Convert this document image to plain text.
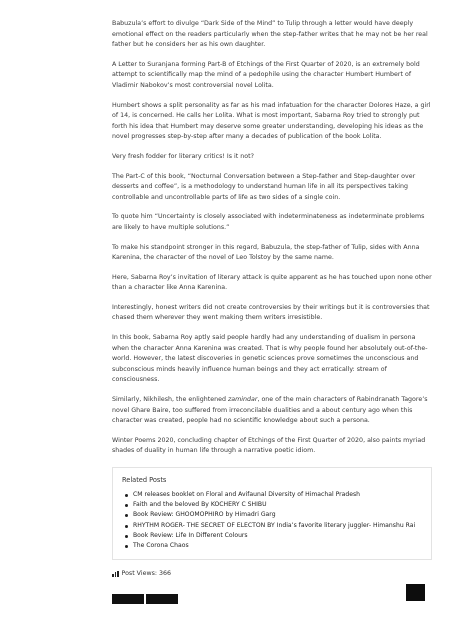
Babuzula’s effort to divulge “Dark Side of the Mind” to Tulip through a letter would have deeply emotional effect on the readers particularly when the step-father writes that he may not be her real father but he considers her as his own daughter.

A Letter to Suranjana forming Part-B of Etchings of the First Quarter of 2020, is an extremely bold attempt to scientifically map the mind of a pedophile using the character Humbert Humbert of Vladimir Nabokov’s most controversial novel Lolita.

Humbert shows a split personality as far as his mad infatuation for the character Dolores Haze, a girl of 14, is concerned. He calls her Lolita. What is most important, Sabarna Roy tried to strongly put forth his idea that Humbert may deserve some greater understanding, developing his ideas as the novel progresses step-by-step after many a decades of publication of the book Lolita.

Very fresh fodder for literary critics! Is it not?

The Part-C of this book, “Nocturnal Conversation between a Step-father and Step-daughter over desserts and coffee”, is a methodology to understand human life in all its perspectives taking controllable and uncontrollable parts of life as two sides of a single coin.

To quote him “Uncertainty is closely associated with indeterminateness as indeterminate problems are likely to have multiple solutions.”

To make his standpoint stronger in this regard, Babuzula, the step-father of Tulip, sides with Anna Karenina, the character of the novel of Leo Tolstoy by the same name.

Here, Sabarna Roy’s invitation of literary attack is quite apparent as he has touched upon none other than a character like Anna Karenina.

Interestingly, honest writers did not create controversies by their writings but it is controversies that chased them wherever they went making them writers irresistible.

In this book, Sabarna Roy aptly said people hardly had any understanding of dualism in persona when the character Anna Karenina was created. That is why people found her absolutely out-of-the-world. However, the latest discoveries in genetic sciences prove sometimes the unconscious and subconscious minds heavily influence human beings and they act erratically: stream of consciousness.

Similarly, Nikhilesh, the enlightened zamindar, one of the main characters of Rabindranath Tagore’s novel Ghare Baire, too suffered from irreconcilable dualities and a about century ago when this character was created, people had no scientific knowledge about such a persona.

Winter Poems 2020, concluding chapter of Etchings of the First Quarter of 2020, also paints myriad shades of duality in human life through a narrative poetic idiom.

Related Posts
CM releases booklet on Floral and Avifaunal Diversity of Himachal Pradesh
Faith and the beloved By KOCHERY C SHIBU
Book Review: GHOOMOPHIRO by Himadri Garg
RHYTHM ROGER- THE SECRET OF ELECTON BY India’s favorite literary juggler- Himanshu Rai
Book Review: Life In Different Colours
The Corona Chaos
Post Views: 366
